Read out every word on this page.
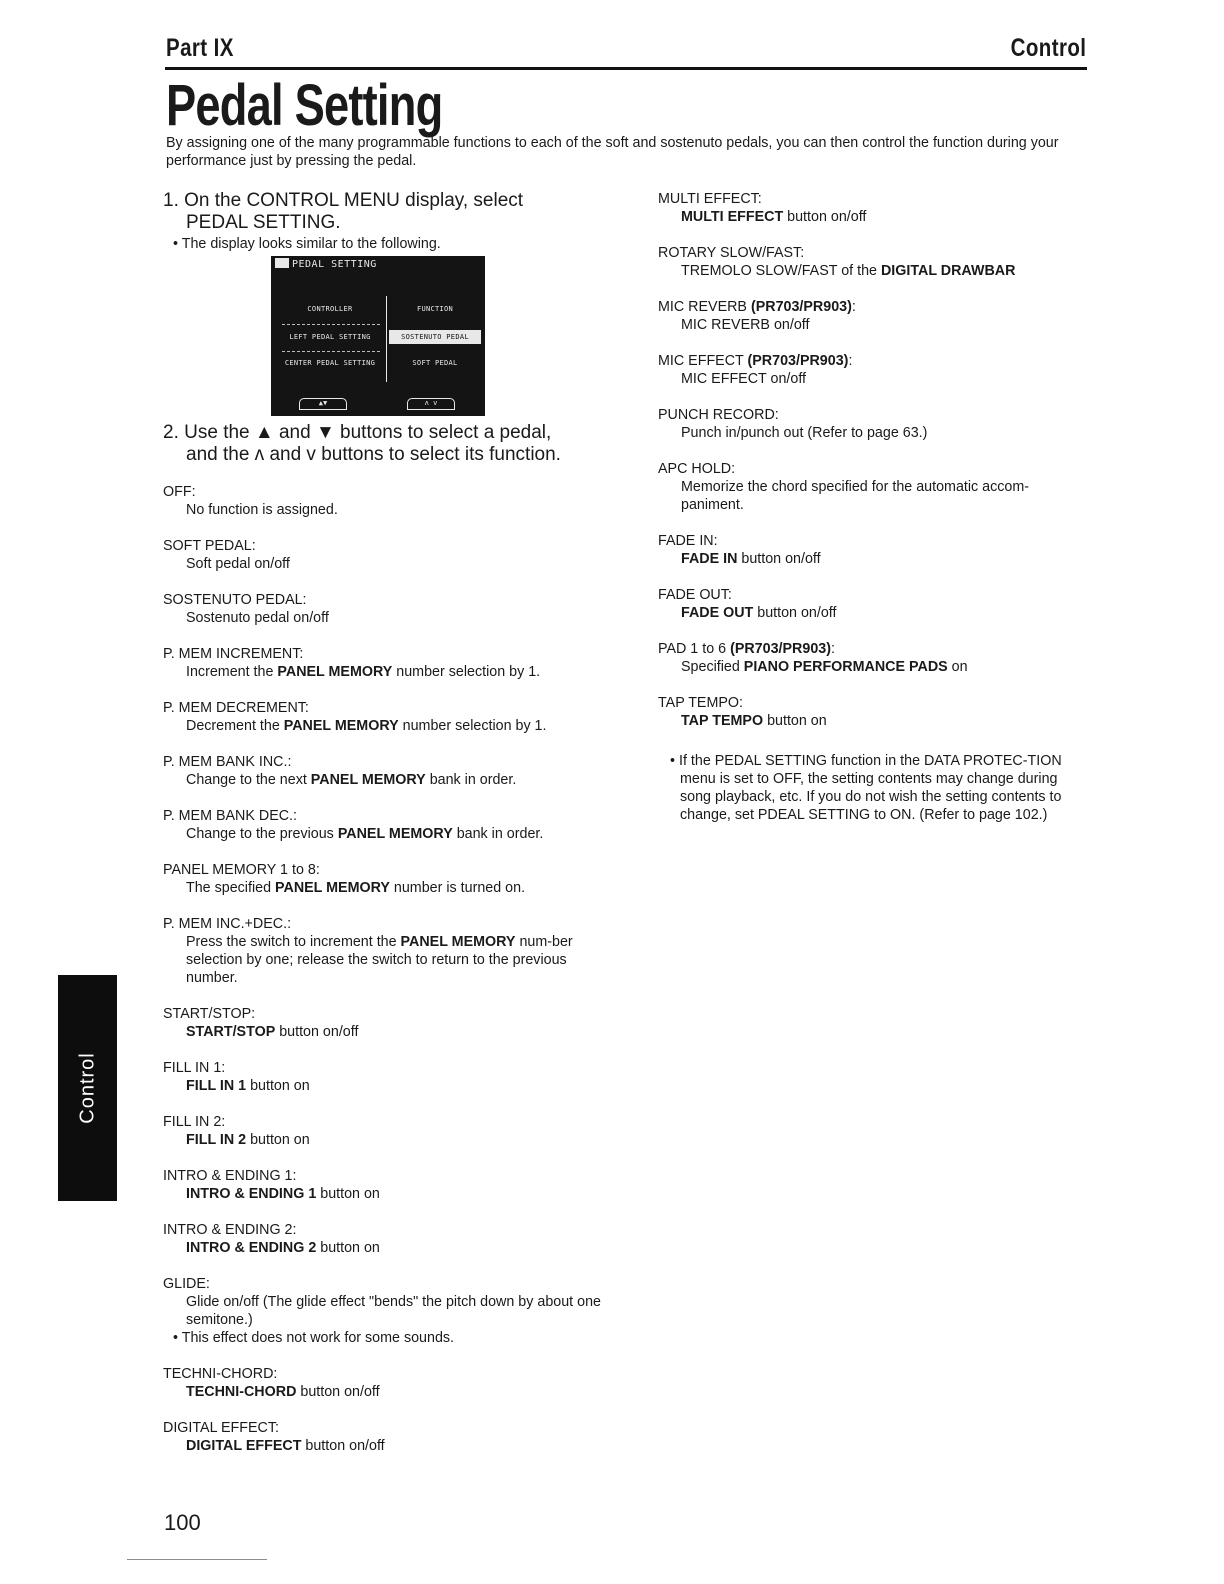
Part IX	Control
Pedal Setting

By assigning one of the many programmable functions to each of the soft and sostenuto pedals, you can then control the function during your performance just by pressing the pedal.

1. On the CONTROL MENU display, select
PEDAL SETTING.

• The display looks similar to the following.

PEDAL SETTING
CONTROLLER	FUNCTION
LEFT PEDAL SETTING	SOSTENUTO PEDAL
CENTER PEDAL SETTING	SOFT PEDAL
▲▼	ʌ v

2. Use the ▲ and ▼ buttons to select a pedal,
and the ʌ and v buttons to select its function.

OFF:
No function is assigned.
SOFT PEDAL:
Soft pedal on/off
SOSTENUTO PEDAL:
Sostenuto pedal on/off
P. MEM INCREMENT:
Increment the PANEL MEMORY number selection by 1.
P. MEM DECREMENT:
Decrement the PANEL MEMORY number selection by 1.
P. MEM BANK INC.:
Change to the next PANEL MEMORY bank in order.
P. MEM BANK DEC.:
Change to the previous PANEL MEMORY bank in order.
PANEL MEMORY 1 to 8:
The specified PANEL MEMORY number is turned on.
P. MEM INC.+DEC.:
Press the switch to increment the PANEL MEMORY num-ber selection by one; release the switch to return to the previous number.
START/STOP:
START/STOP button on/off
FILL IN 1:
FILL IN 1 button on
FILL IN 2:
FILL IN 2 button on
INTRO & ENDING 1:
INTRO & ENDING 1 button on
INTRO & ENDING 2:
INTRO & ENDING 2 button on
GLIDE:
Glide on/off (The glide effect "bends" the pitch down by about one semitone.)
• This effect does not work for some sounds.
TECHNI-CHORD:
TECHNI-CHORD button on/off
DIGITAL EFFECT:
DIGITAL EFFECT button on/off
MULTI EFFECT:
MULTI EFFECT button on/off
ROTARY SLOW/FAST:
TREMOLO SLOW/FAST of the DIGITAL DRAWBAR
MIC REVERB (PR703/PR903):
MIC REVERB on/off
MIC EFFECT (PR703/PR903):
MIC EFFECT on/off
PUNCH RECORD:
Punch in/punch out (Refer to page 63.)
APC HOLD:
Memorize the chord specified for the automatic accom-paniment.
FADE IN:
FADE IN button on/off
FADE OUT:
FADE OUT button on/off
PAD 1 to 6 (PR703/PR903):
Specified PIANO PERFORMANCE PADS on
TAP TEMPO:
TAP TEMPO button on
• If the PEDAL SETTING function in the DATA PROTEC-TION menu is set to OFF, the setting contents may change during song playback, etc. If you do not wish the setting contents to change, set PDEAL SETTING to ON. (Refer to page 102.)
Control
100
